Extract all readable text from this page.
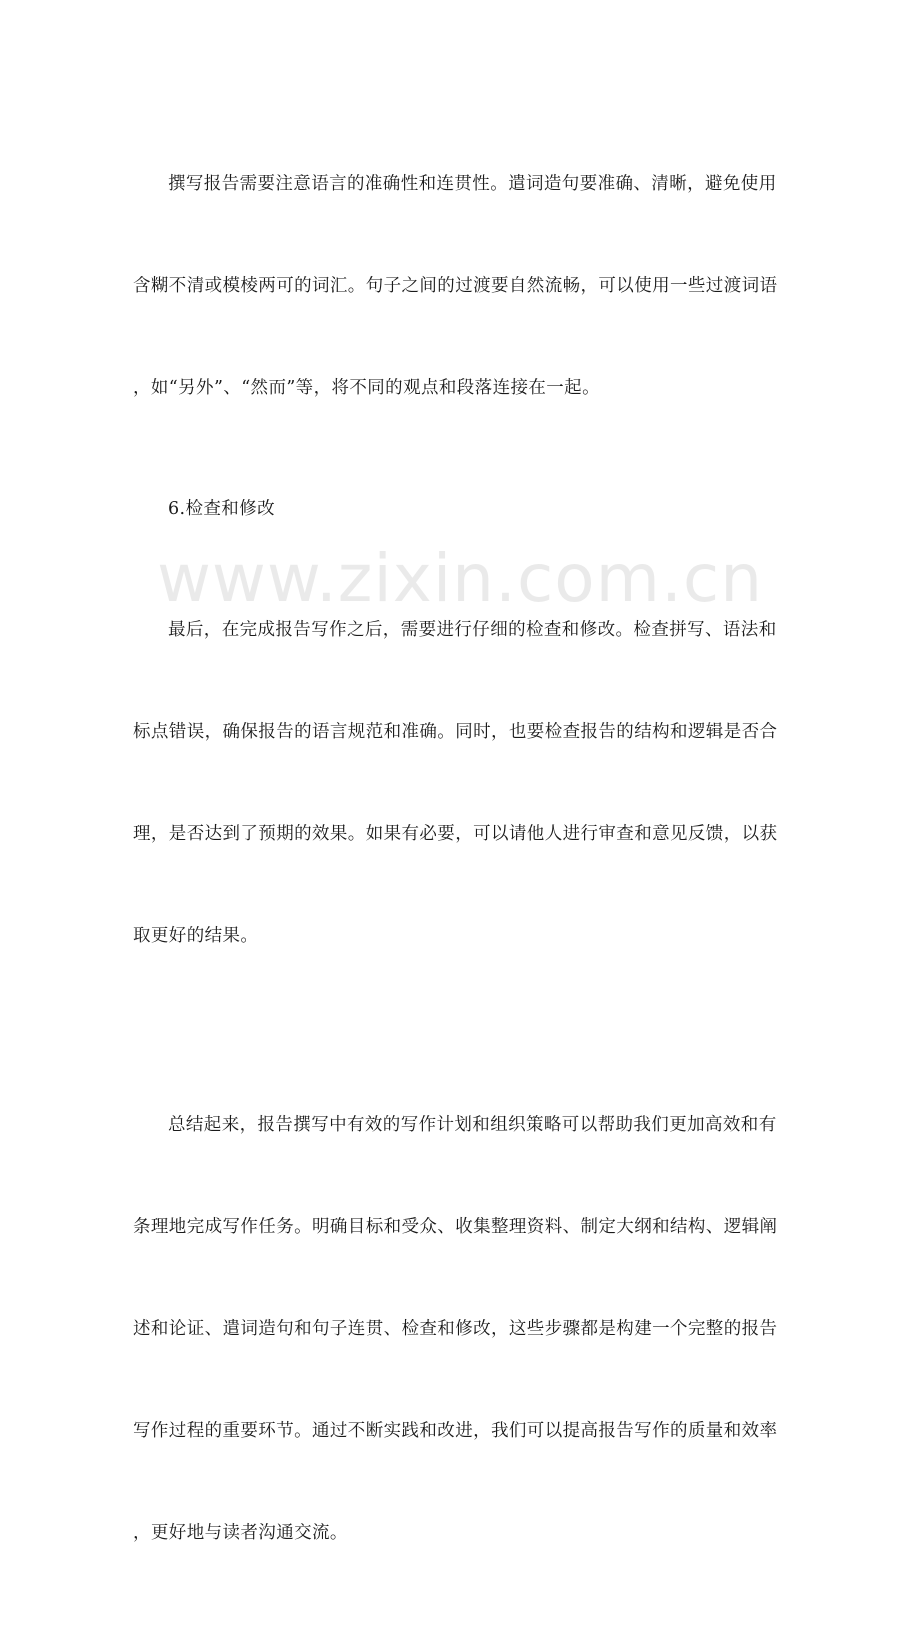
撰写报告需要注意语言的准确性和连贯性。遣词造句要准确、清晰，避免使用

含糊不清或模棱两可的词汇。句子之间的过渡要自然流畅，可以使用一些过渡词语

，如“另外”、“然而”等，将不同的观点和段落连接在一起。

6.检查和修改

最后，在完成报告写作之后，需要进行仔细的检查和修改。检查拼写、语法和

标点错误，确保报告的语言规范和准确。同时，也要检查报告的结构和逻辑是否合

理，是否达到了预期的效果。如果有必要，可以请他人进行审查和意见反馈，以获

取更好的结果。

总结起来，报告撰写中有效的写作计划和组织策略可以帮助我们更加高效和有

条理地完成写作任务。明确目标和受众、收集整理资料、制定大纲和结构、逻辑阐

述和论证、遣词造句和句子连贯、检查和修改，这些步骤都是构建一个完整的报告

写作过程的重要环节。通过不断实践和改进，我们可以提高报告写作的质量和效率

，更好地与读者沟通交流。

www.zixin.com.cn
